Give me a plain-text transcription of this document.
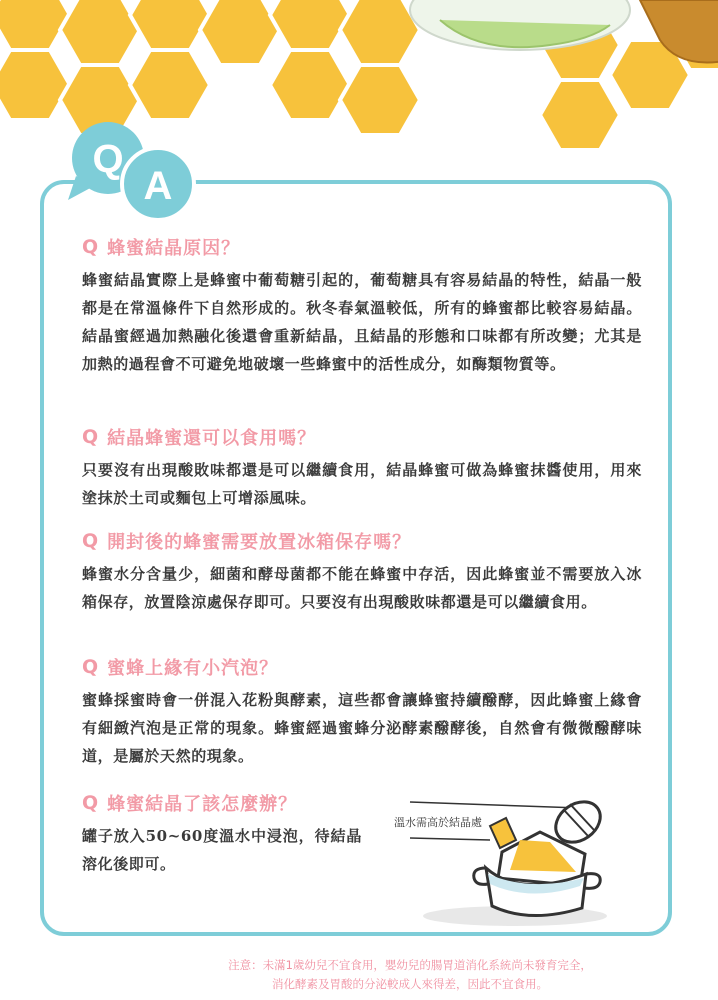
Q
A
Q 蜂蜜結晶原因？

蜂蜜結晶實際上是蜂蜜中葡萄糖引起的，葡萄糖具有容易結晶的特性，結晶一般都是在常溫條件下自然形成的。秋冬春氣溫較低，所有的蜂蜜都比較容易結晶。結晶蜜經過加熱融化後還會重新結晶，且結晶的形態和口味都有所改變；尤其是加熱的過程會不可避免地破壞一些蜂蜜中的活性成分，如酶類物質等。

Q 結晶蜂蜜還可以食用嗎？

只要沒有出現酸敗味都還是可以繼續食用，結晶蜂蜜可做為蜂蜜抹醬使用，用來塗抹於土司或麵包上可增添風味。

Q 開封後的蜂蜜需要放置冰箱保存嗎？

蜂蜜水分含量少，細菌和酵母菌都不能在蜂蜜中存活，因此蜂蜜並不需要放入冰箱保存，放置陰涼處保存即可。只要沒有出現酸敗味都還是可以繼續食用。

Q 蜜蜂上緣有小汽泡？

蜜蜂採蜜時會一併混入花粉與酵素，這些都會讓蜂蜜持續醱酵，因此蜂蜜上緣會有細緻汽泡是正常的現象。蜂蜜經過蜜蜂分泌酵素醱酵後，自然會有微微醱酵味道，是屬於天然的現象。

Q 蜂蜜結晶了該怎麼辦？

罐子放入50~60度溫水中浸泡，待結晶溶化後即可。

溫水需高於結晶處
注意：未滿1歲幼兒不宜食用，嬰幼兒的腸胃道消化系統尚未發育完全，
消化酵素及胃酸的分泌較成人來得差，因此不宜食用。
